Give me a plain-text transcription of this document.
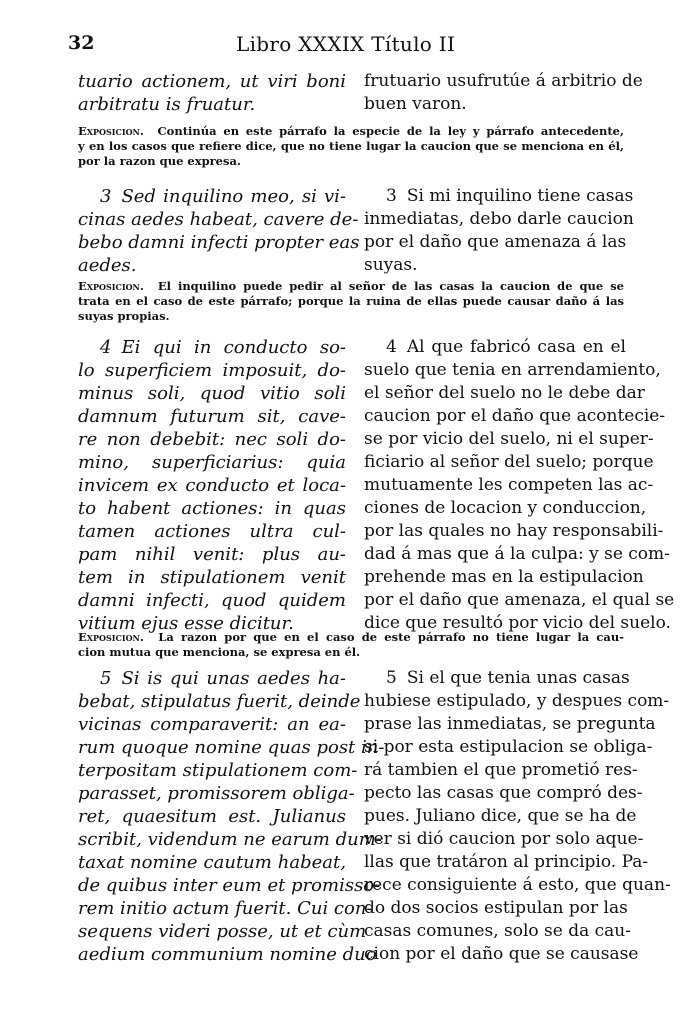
32	Libro XXXIX Título II
tuario actionem, ut viri boni
arbitratu is fruatur.
frutuario usufrutúe á arbitrio de
buen varon.
Exposicion. Continúa en este párrafo la especie de la ley y párrafo antecedente,
y en los casos que refiere dice, que no tiene lugar la caucion que se menciona en él,
por la razon que expresa.
3 Sed inquilino meo, si vi-
cinas aedes habeat, cavere de-
bebo damni infecti propter eas
aedes.
3 Si mi inquilino tiene casas
inmediatas, debo darle caucion
por el daño que amenaza á las
suyas.
Exposicion. El inquilino puede pedir al señor de las casas la caucion de que se
trata en el caso de este párrafo; porque la ruina de ellas puede causar daño á las
suyas propias.
4 Ei qui in conducto so-
lo superficiem imposuit, do-
minus soli, quod vitio soli
damnum futurum sit, cave-
re non debebit: nec soli do-
mino, superficiarius: quia
invicem ex conducto et loca-
to habent actiones: in quas
tamen actiones ultra cul-
pam nihil venit: plus au-
tem in stipulationem venit
damni infecti, quod quidem
vitium ejus esse dicitur.
4 Al que fabricó casa en el
suelo que tenia en arrendamiento,
el señor del suelo no le debe dar
caucion por el daño que acontecie-
se por vicio del suelo, ni el super-
ficiario al señor del suelo; porque
mutuamente les competen las ac-
ciones de locacion y conduccion,
por las quales no hay responsabili-
dad á mas que á la culpa: y se com-
prehende mas en la estipulacion
por el daño que amenaza, el qual se
dice que resultó por vicio del suelo.
Exposicion. La razon por que en el caso de este párrafo no tiene lugar la cau-
cion mutua que menciona, se expresa en él.
5 Si is qui unas aedes ha-
bebat, stipulatus fuerit, deinde
vicinas comparaverit: an ea-
rum quoque nomine quas post in-
terpositam stipulationem com-
parasset, promissorem obliga-
ret, quaesitum est. Julianus
scribit, videndum ne earum dum-
taxat nomine cautum habeat,
de quibus inter eum et promisso-
rem initio actum fuerit. Cui con-
sequens videri posse, ut et cùm
aedium communium nomine duo
5 Si el que tenia unas casas
hubiese estipulado, y despues com-
prase las inmediatas, se pregunta
si por esta estipulacion se obliga-
rá tambien el que prometió res-
pecto las casas que compró des-
pues. Juliano dice, que se ha de
ver si dió caucion por solo aque-
llas que tratáron al principio. Pa-
rece consiguiente á esto, que quan-
do dos socios estipulan por las
casas comunes, solo se da cau-
cion por el daño que se causase
